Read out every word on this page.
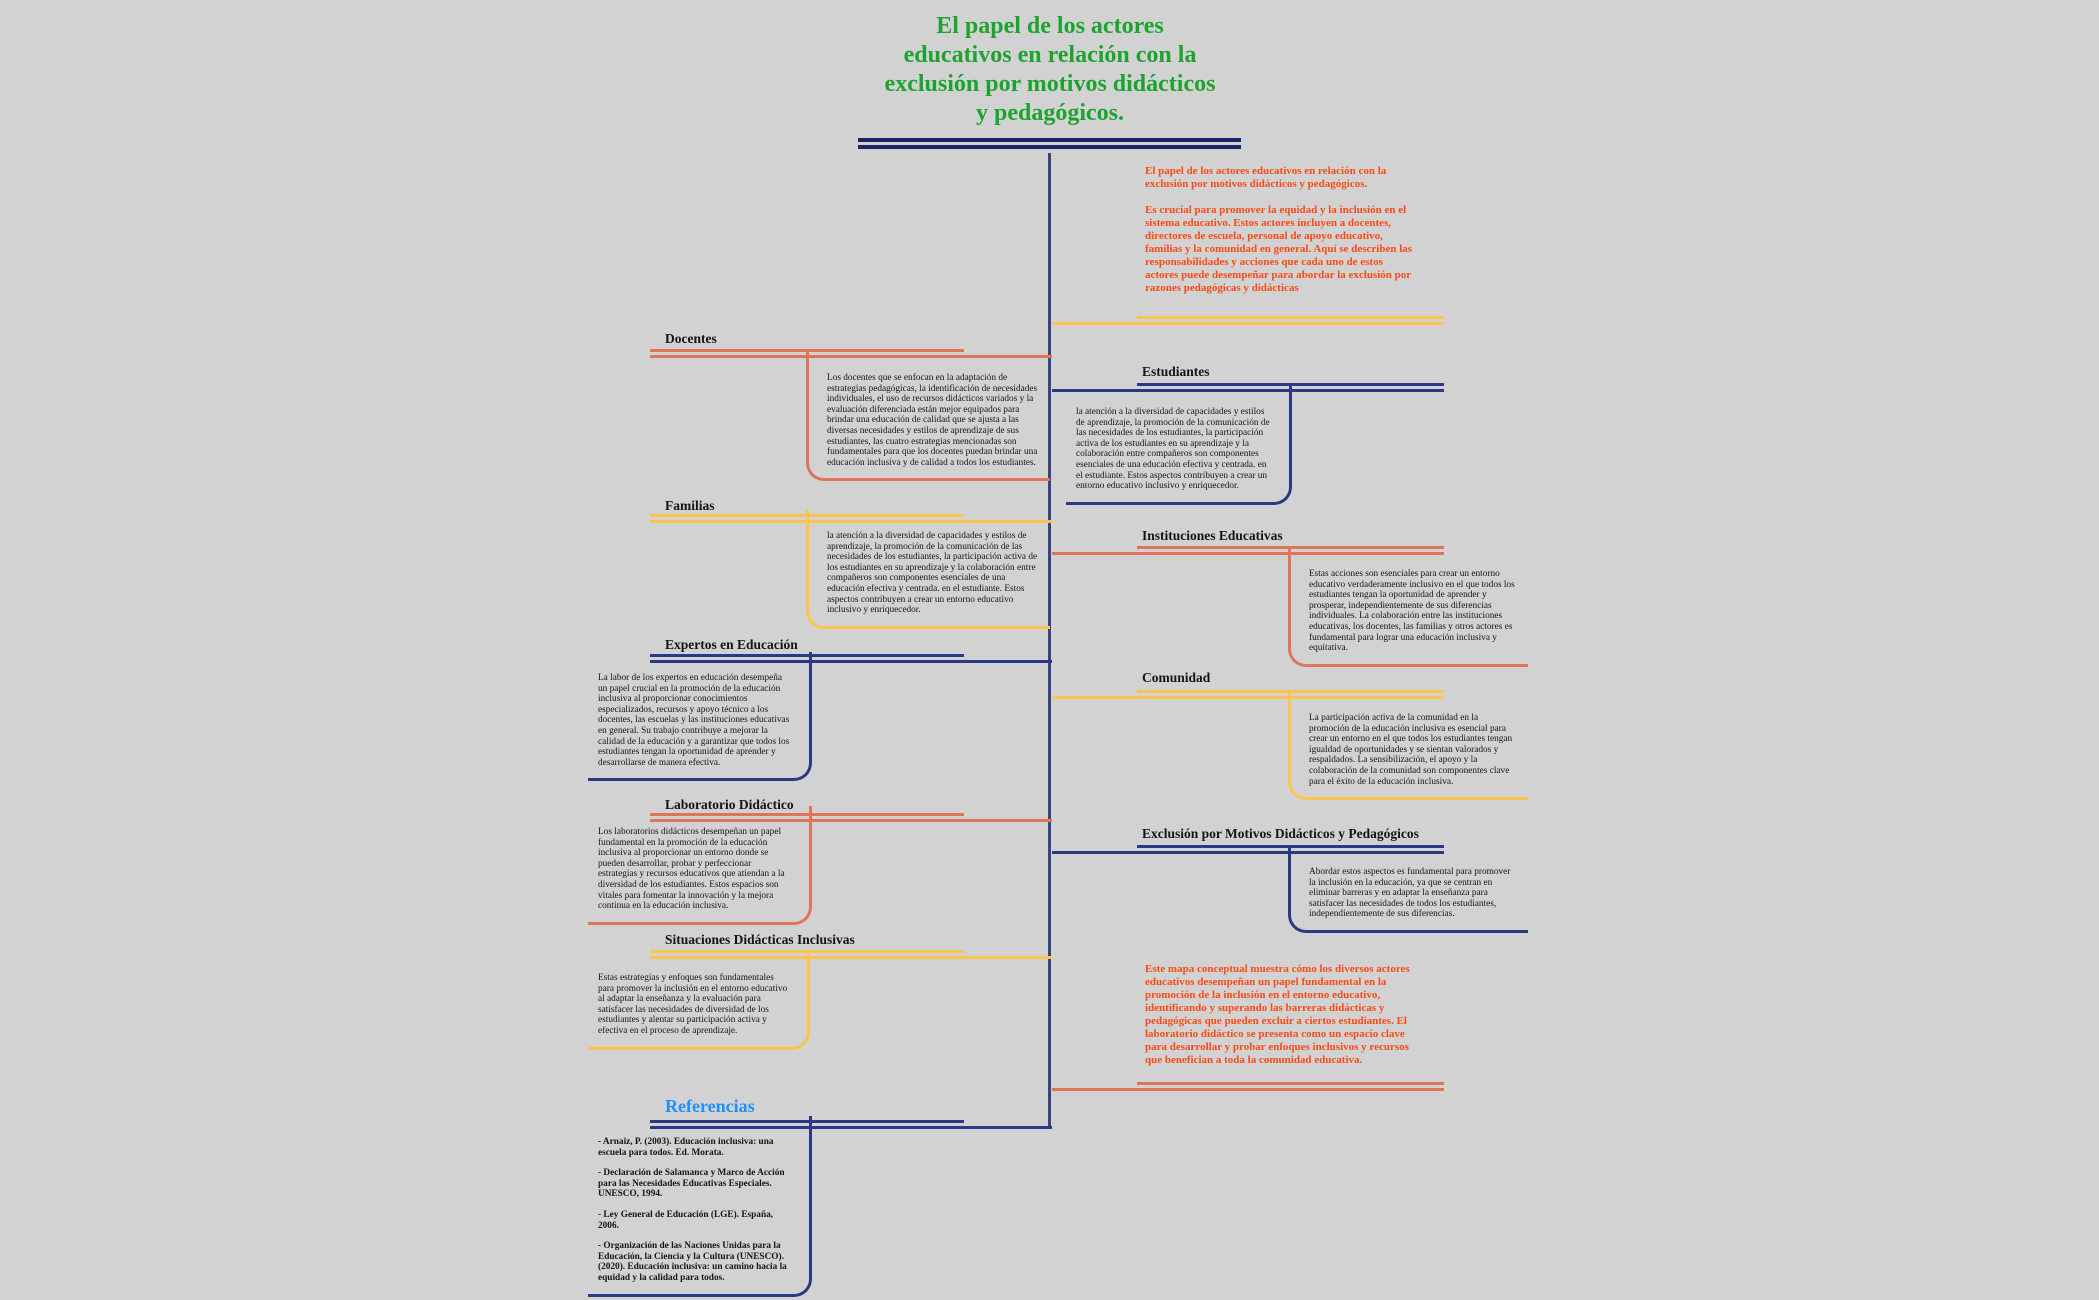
El papel de los actores
educativos en relación con la
exclusión por motivos didácticos
y pedagógicos.

El papel de los actores educativos en relación con la exclusión por motivos didácticos y pedagógicos.

Es crucial para promover la equidad y la inclusión en el sistema educativo. Estos actores incluyen a docentes, directores de escuela, personal de apoyo educativo, familias y la comunidad en general. Aquí se describen las responsabilidades y acciones que cada uno de estos actores puede desempeñar para abordar la exclusión por razones pedagógicas y didácticas

Docentes

Los docentes que se enfocan en la adaptación de estrategias pedagógicas, la identificación de necesidades individuales, el uso de recursos didácticos variados y la evaluación diferenciada están mejor equipados para brindar una educación de calidad que se ajusta a las diversas necesidades y estilos de aprendizaje de sus estudiantes, las cuatro estrategias mencionadas son fundamentales para que los docentes puedan brindar una educación inclusiva y de calidad a todos los estudiantes.

Estudiantes

la atención a la diversidad de capacidades y estilos de aprendizaje, la promoción de la comunicación de las necesidades de los estudiantes, la participación activa de los estudiantes en su aprendizaje y la colaboración entre compañeros son componentes esenciales de una educación efectiva y centrada. en el estudiante. Estos aspectos contribuyen a crear un entorno educativo inclusivo y enriquecedor.

Familias

la atención a la diversidad de capacidades y estilos de aprendizaje, la promoción de la comunicación de las necesidades de los estudiantes, la participación activa de los estudiantes en su aprendizaje y la colaboración entre compañeros son componentes esenciales de una educación efectiva y centrada. en el estudiante. Estos aspectos contribuyen a crear un entorno educativo inclusivo y enriquecedor.

Instituciones Educativas

Estas acciones son esenciales para crear un entorno educativo verdaderamente inclusivo en el que todos los estudiantes tengan la oportunidad de aprender y prosperar, independientemente de sus diferencias individuales. La colaboración entre las instituciones educativas, los docentes, las familias y otros actores es fundamental para lograr una educación inclusiva y equitativa.

Expertos en Educación

La labor de los expertos en educación desempeña un papel crucial en la promoción de la educación inclusiva al proporcionar conocimientos especializados, recursos y apoyo técnico a los docentes, las escuelas y las instituciones educativas en general. Su trabajo contribuye a mejorar la calidad de la educación y a garantizar que todos los estudiantes tengan la oportunidad de aprender y desarrollarse de manera efectiva.

Comunidad

La participación activa de la comunidad en la promoción de la educación inclusiva es esencial para crear un entorno en el que todos los estudiantes tengan igualdad de oportunidades y se sientan valorados y respaldados. La sensibilización, el apoyo y la colaboración de la comunidad son componentes clave para el éxito de la educación inclusiva.

Laboratorio Didáctico

Los laboratorios didácticos desempeñan un papel fundamental en la promoción de la educación inclusiva al proporcionar un entorno donde se pueden desarrollar, probar y perfeccionar estrategias y recursos educativos que atiendan a la diversidad de los estudiantes. Estos espacios son vitales para fomentar la innovación y la mejora continua en la educación inclusiva.

Exclusión por Motivos Didácticos y Pedagógicos

Abordar estos aspectos es fundamental para promover la inclusión en la educación, ya que se centran en eliminar barreras y en adaptar la enseñanza para satisfacer las necesidades de todos los estudiantes, independientemente de sus diferencias.

Situaciones Didácticas Inclusivas

Estas estrategias y enfoques son fundamentales para promover la inclusión en el entorno educativo al adaptar la enseñanza y la evaluación para satisfacer las necesidades de diversidad de los estudiantes y alentar su participación activa y efectiva en el proceso de aprendizaje.

Este mapa conceptual muestra cómo los diversos actores educativos desempeñan un papel fundamental en la promoción de la inclusión en el entorno educativo, identificando y superando las barreras didácticas y pedagógicas que pueden excluir a ciertos estudiantes. El laboratorio didáctico se presenta como un espacio clave para desarrollar y probar enfoques inclusivos y recursos que benefician a toda la comunidad educativa.

Referencias

- Arnaiz, P. (2003). Educación inclusiva: una escuela para todos. Ed. Morata.

- Declaración de Salamanca y Marco de Acción para las Necesidades Educativas Especiales. UNESCO, 1994.

- Ley General de Educación (LGE). España, 2006.

- Organización de las Naciones Unidas para la Educación, la Ciencia y la Cultura (UNESCO). (2020). Educación inclusiva: un camino hacia la equidad y la calidad para todos.
